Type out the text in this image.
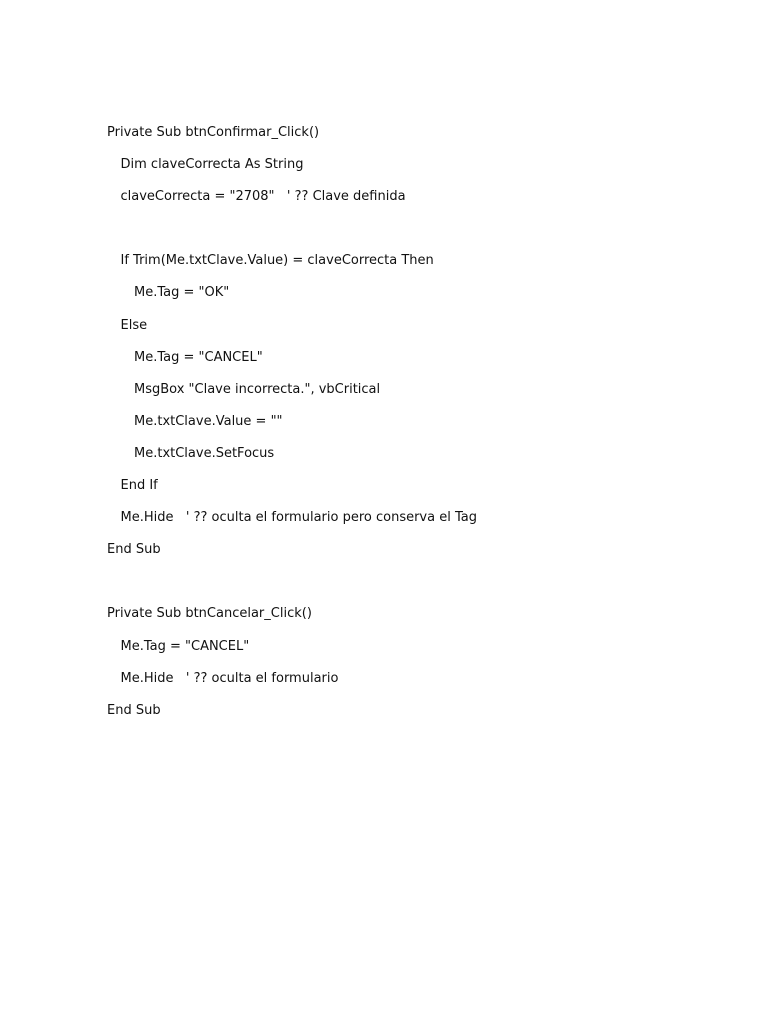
Private Sub btnConfirmar_Click()
Dim claveCorrecta As String
claveCorrecta = "2708"   ' ?? Clave definida
If Trim(Me.txtClave.Value) = claveCorrecta Then
Me.Tag = "OK"
Else
Me.Tag = "CANCEL"
MsgBox "Clave incorrecta.", vbCritical
Me.txtClave.Value = ""
Me.txtClave.SetFocus
End If
Me.Hide   ' ?? oculta el formulario pero conserva el Tag
End Sub
Private Sub btnCancelar_Click()
Me.Tag = "CANCEL"
Me.Hide   ' ?? oculta el formulario
End Sub
